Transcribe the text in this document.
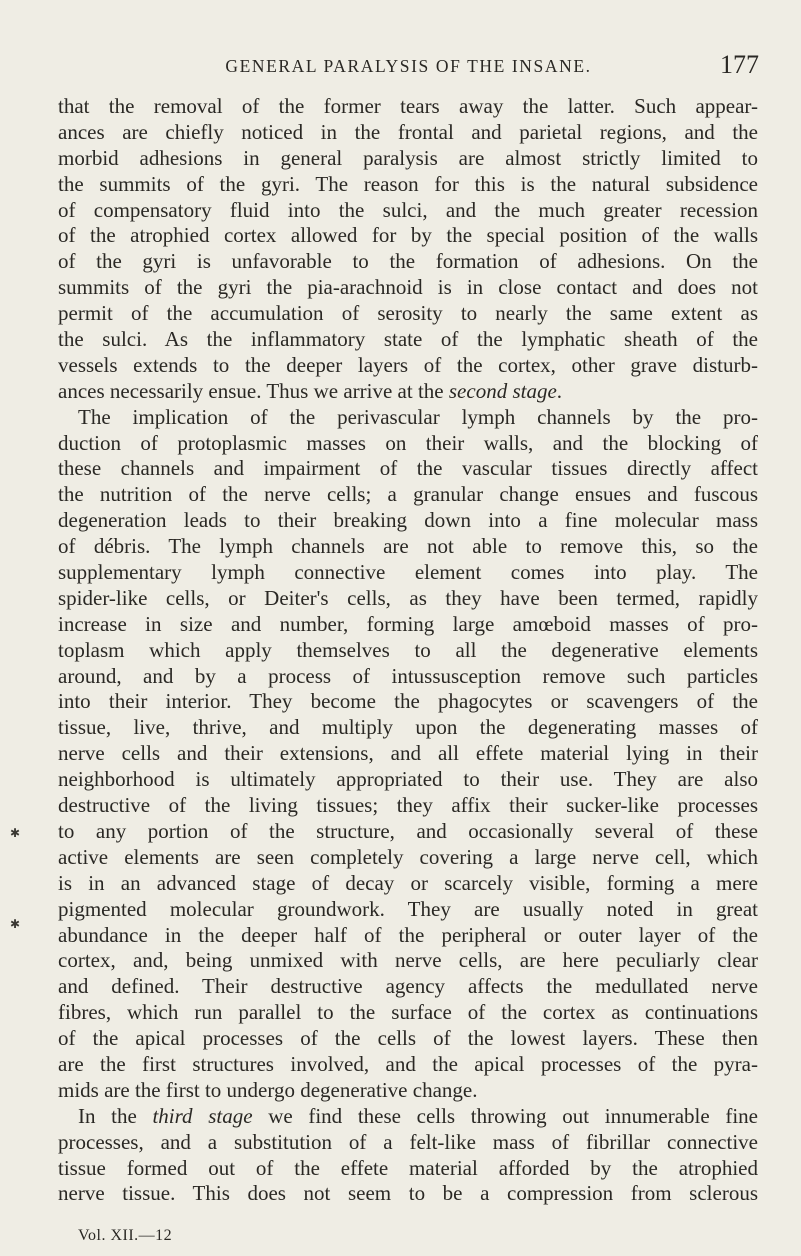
GENERAL PARALYSIS OF THE INSANE.	177
that the removal of the former tears away the latter. Such appear-
ances are chiefly noticed in the frontal and parietal regions, and the
morbid adhesions in general paralysis are almost strictly limited to
the summits of the gyri. The reason for this is the natural subsidence
of compensatory fluid into the sulci, and the much greater recession
of the atrophied cortex allowed for by the special position of the walls
of the gyri is unfavorable to the formation of adhesions. On the
summits of the gyri the pia-arachnoid is in close contact and does not
permit of the accumulation of serosity to nearly the same extent as
the sulci. As the inflammatory state of the lymphatic sheath of the
vessels extends to the deeper layers of the cortex, other grave disturb-
ances necessarily ensue. Thus we arrive at the second stage.
The implication of the perivascular lymph channels by the pro-
duction of protoplasmic masses on their walls, and the blocking of
these channels and impairment of the vascular tissues directly affect
the nutrition of the nerve cells; a granular change ensues and fuscous
degeneration leads to their breaking down into a fine molecular mass
of débris. The lymph channels are not able to remove this, so the
supplementary lymph connective element comes into play. The
spider-like cells, or Deiter's cells, as they have been termed, rapidly
increase in size and number, forming large amœboid masses of pro-
toplasm which apply themselves to all the degenerative elements
around, and by a process of intussusception remove such particles
into their interior. They become the phagocytes or scavengers of the
tissue, live, thrive, and multiply upon the degenerating masses of
nerve cells and their extensions, and all effete material lying in their
neighborhood is ultimately appropriated to their use. They are also
destructive of the living tissues; they affix their sucker-like processes
to any portion of the structure, and occasionally several of these
active elements are seen completely covering a large nerve cell, which
is in an advanced stage of decay or scarcely visible, forming a mere
pigmented molecular groundwork. They are usually noted in great
abundance in the deeper half of the peripheral or outer layer of the
cortex, and, being unmixed with nerve cells, are here peculiarly clear
and defined. Their destructive agency affects the medullated nerve
fibres, which run parallel to the surface of the cortex as continuations
of the apical processes of the cells of the lowest layers. These then
are the first structures involved, and the apical processes of the pyra-
mids are the first to undergo degenerative change.
In the third stage we find these cells throwing out innumerable fine
processes, and a substitution of a felt-like mass of fibrillar connective
tissue formed out of the effete material afforded by the atrophied
nerve tissue. This does not seem to be a compression from sclerous
Vol. XII.—12
✱
✱
